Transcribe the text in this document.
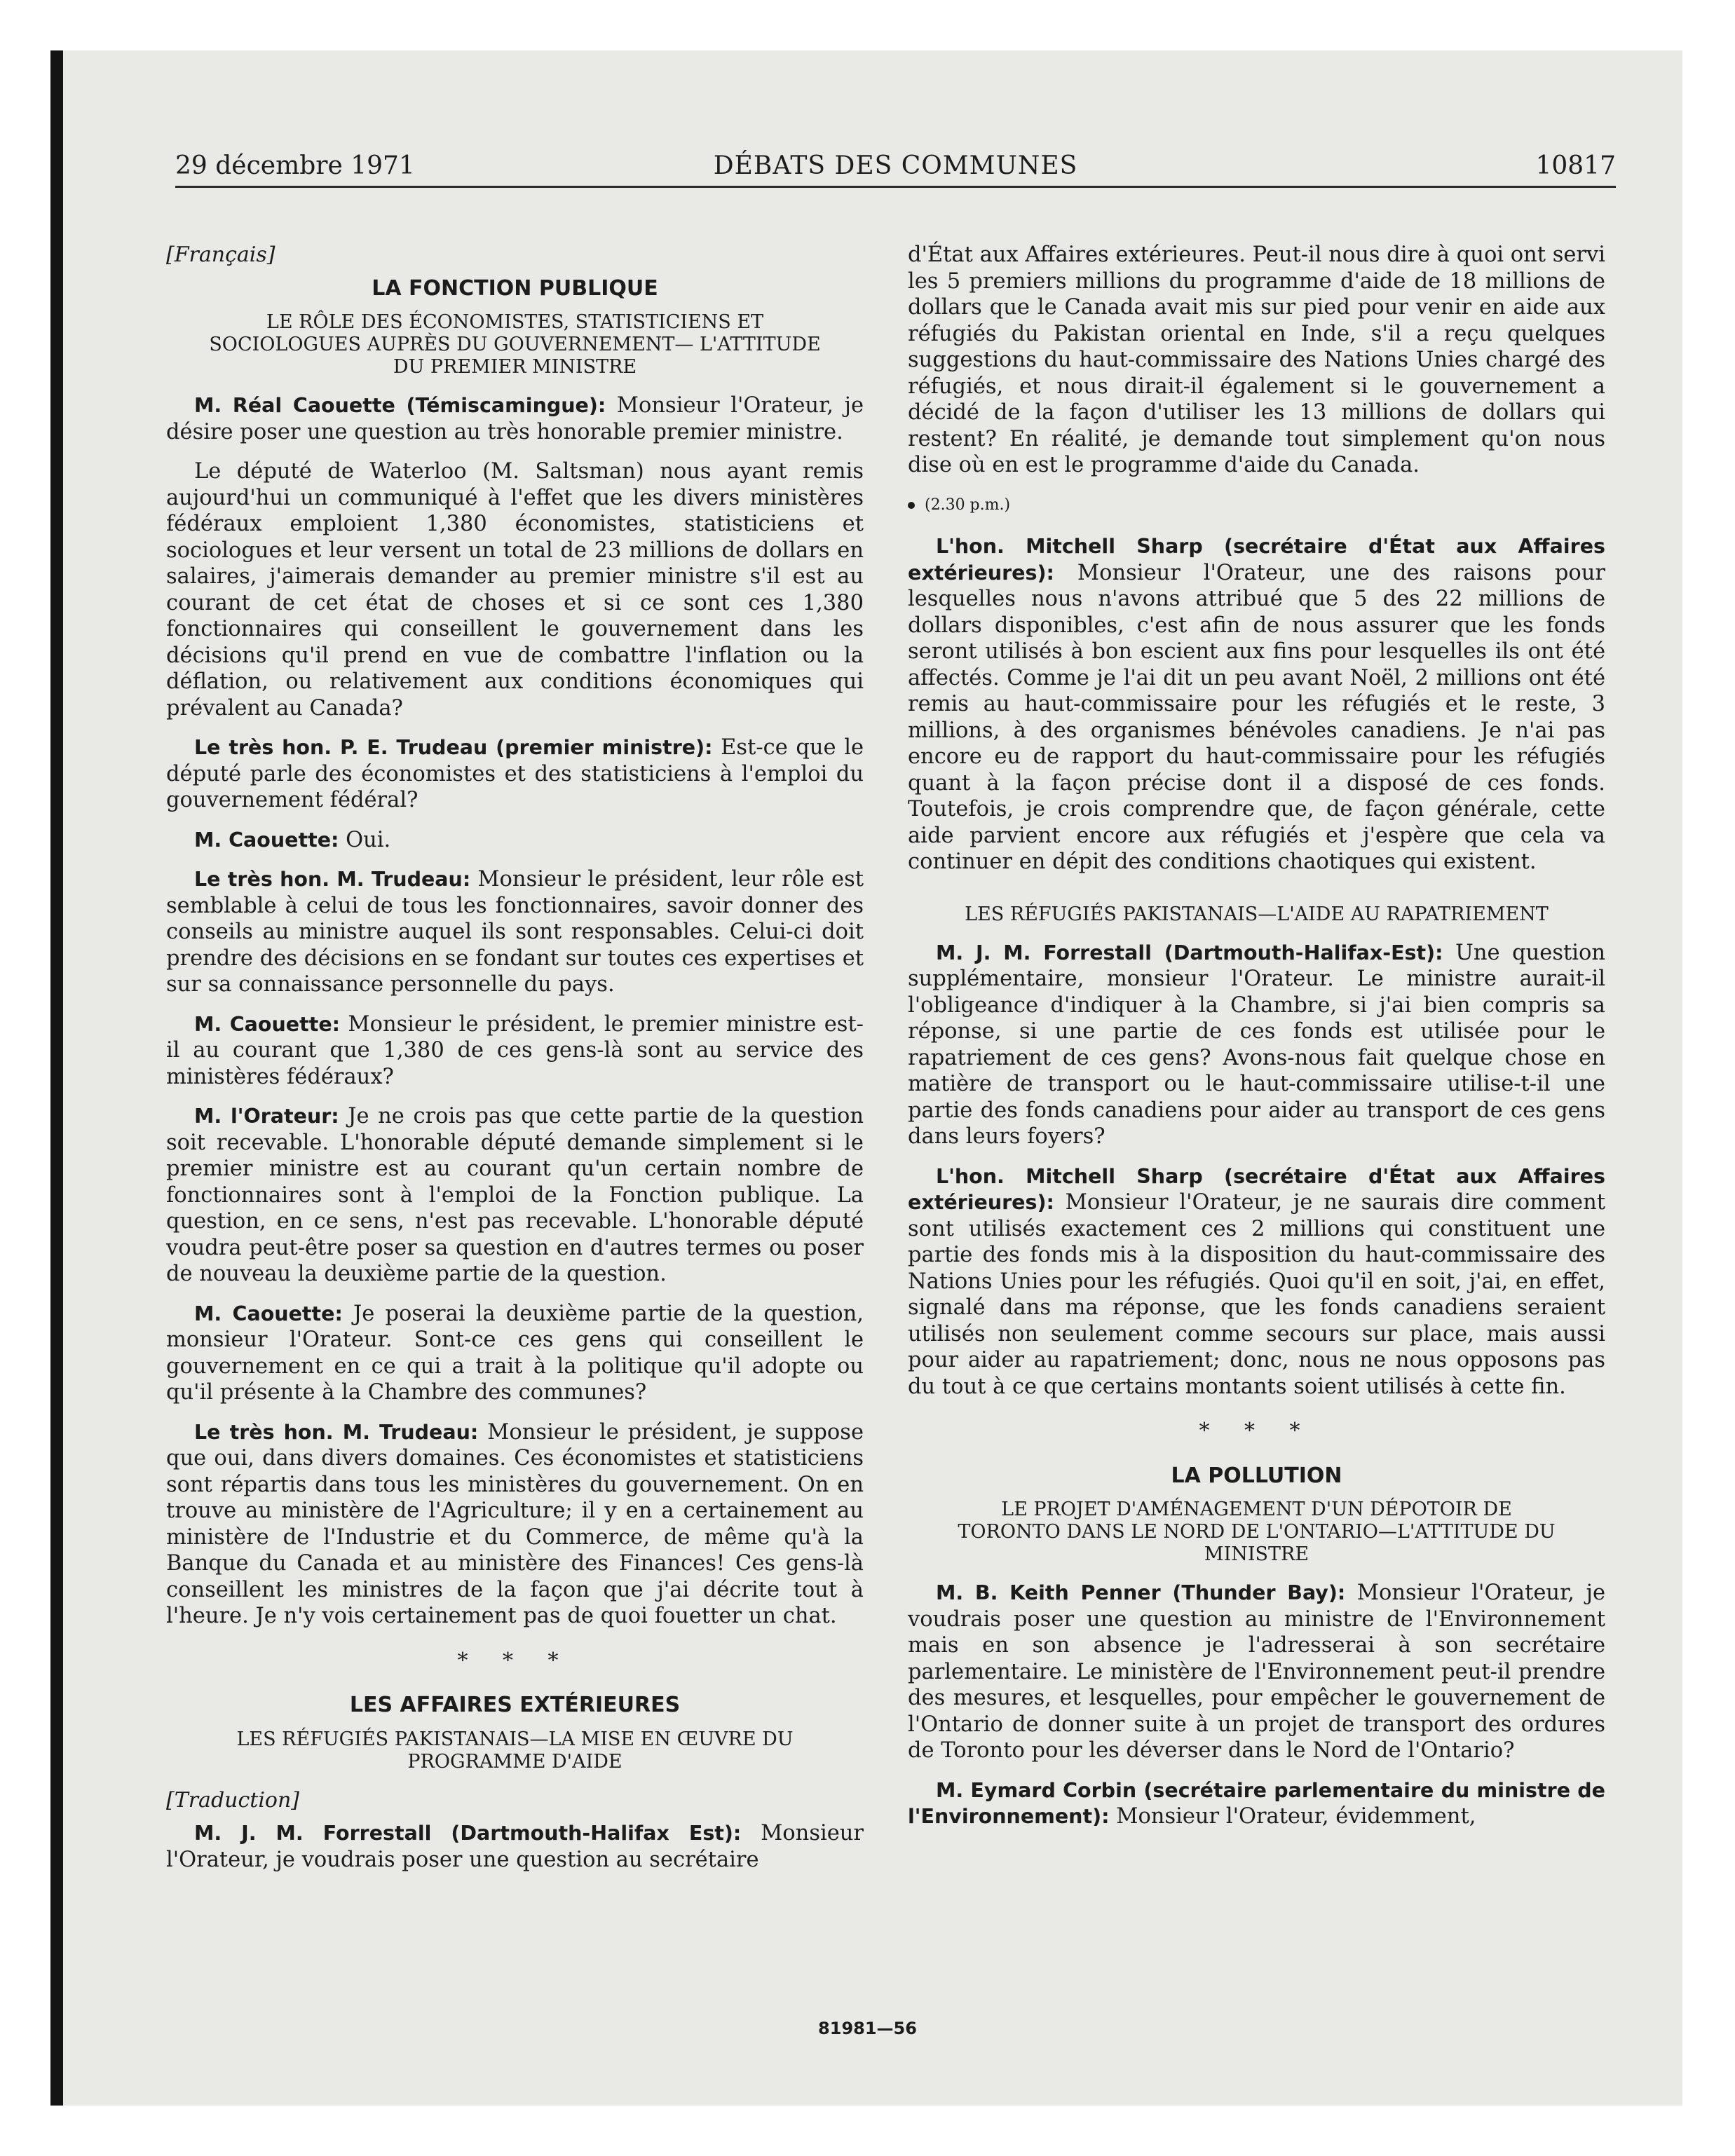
29 décembre 1971	DÉBATS DES COMMUNES	10817
[Français]
LA FONCTION PUBLIQUE
LE RÔLE DES ÉCONOMISTES, STATISTICIENS ET SOCIOLOGUES AUPRÈS DU GOUVERNEMENT— L'ATTITUDE DU PREMIER MINISTRE

M. Réal Caouette (Témiscamingue): Monsieur l'Orateur, je désire poser une question au très honorable premier ministre.

Le député de Waterloo (M. Saltsman) nous ayant remis aujourd'hui un communiqué à l'effet que les divers ministères fédéraux emploient 1,380 économistes, statisticiens et sociologues et leur versent un total de 23 millions de dollars en salaires, j'aimerais demander au premier ministre s'il est au courant de cet état de choses et si ce sont ces 1,380 fonctionnaires qui conseillent le gouvernement dans les décisions qu'il prend en vue de combattre l'inflation ou la déflation, ou relativement aux conditions économiques qui prévalent au Canada?

Le très hon. P. E. Trudeau (premier ministre): Est-ce que le député parle des économistes et des statisticiens à l'emploi du gouvernement fédéral?

M. Caouette: Oui.

Le très hon. M. Trudeau: Monsieur le président, leur rôle est semblable à celui de tous les fonctionnaires, savoir donner des conseils au ministre auquel ils sont responsables. Celui-ci doit prendre des décisions en se fondant sur toutes ces expertises et sur sa connaissance personnelle du pays.

M. Caouette: Monsieur le président, le premier ministre est-il au courant que 1,380 de ces gens-là sont au service des ministères fédéraux?

M. l'Orateur: Je ne crois pas que cette partie de la question soit recevable. L'honorable député demande simplement si le premier ministre est au courant qu'un certain nombre de fonctionnaires sont à l'emploi de la Fonction publique. La question, en ce sens, n'est pas recevable. L'honorable député voudra peut-être poser sa question en d'autres termes ou poser de nouveau la deuxième partie de la question.

M. Caouette: Je poserai la deuxième partie de la question, monsieur l'Orateur. Sont-ce ces gens qui conseillent le gouvernement en ce qui a trait à la politique qu'il adopte ou qu'il présente à la Chambre des communes?

Le très hon. M. Trudeau: Monsieur le président, je suppose que oui, dans divers domaines. Ces économistes et statisticiens sont répartis dans tous les ministères du gouvernement. On en trouve au ministère de l'Agriculture; il y en a certainement au ministère de l'Industrie et du Commerce, de même qu'à la Banque du Canada et au ministère des Finances! Ces gens-là conseillent les ministres de la façon que j'ai décrite tout à l'heure. Je n'y vois certainement pas de quoi fouetter un chat.

* * *
LES AFFAIRES EXTÉRIEURES
LES RÉFUGIÉS PAKISTANAIS—LA MISE EN ŒUVRE DU PROGRAMME D'AIDE
[Traduction]

M. J. M. Forrestall (Dartmouth-Halifax Est): Monsieur l'Orateur, je voudrais poser une question au secrétaire

d'État aux Affaires extérieures. Peut-il nous dire à quoi ont servi les 5 premiers millions du programme d'aide de 18 millions de dollars que le Canada avait mis sur pied pour venir en aide aux réfugiés du Pakistan oriental en Inde, s'il a reçu quelques suggestions du haut-commissaire des Nations Unies chargé des réfugiés, et nous dirait-il également si le gouvernement a décidé de la façon d'utiliser les 13 millions de dollars qui restent? En réalité, je demande tout simplement qu'on nous dise où en est le programme d'aide du Canada.

(2.30 p.m.)

L'hon. Mitchell Sharp (secrétaire d'État aux Affaires extérieures): Monsieur l'Orateur, une des raisons pour lesquelles nous n'avons attribué que 5 des 22 millions de dollars disponibles, c'est afin de nous assurer que les fonds seront utilisés à bon escient aux fins pour lesquelles ils ont été affectés. Comme je l'ai dit un peu avant Noël, 2 millions ont été remis au haut-commissaire pour les réfugiés et le reste, 3 millions, à des organismes bénévoles canadiens. Je n'ai pas encore eu de rapport du haut-commissaire pour les réfugiés quant à la façon précise dont il a disposé de ces fonds. Toutefois, je crois comprendre que, de façon générale, cette aide parvient encore aux réfugiés et j'espère que cela va continuer en dépit des conditions chaotiques qui existent.

LES RÉFUGIÉS PAKISTANAIS—L'AIDE AU RAPATRIEMENT

M. J. M. Forrestall (Dartmouth-Halifax-Est): Une question supplémentaire, monsieur l'Orateur. Le ministre aurait-il l'obligeance d'indiquer à la Chambre, si j'ai bien compris sa réponse, si une partie de ces fonds est utilisée pour le rapatriement de ces gens? Avons-nous fait quelque chose en matière de transport ou le haut-commissaire utilise-t-il une partie des fonds canadiens pour aider au transport de ces gens dans leurs foyers?

L'hon. Mitchell Sharp (secrétaire d'État aux Affaires extérieures): Monsieur l'Orateur, je ne saurais dire comment sont utilisés exactement ces 2 millions qui constituent une partie des fonds mis à la disposition du haut-commissaire des Nations Unies pour les réfugiés. Quoi qu'il en soit, j'ai, en effet, signalé dans ma réponse, que les fonds canadiens seraient utilisés non seulement comme secours sur place, mais aussi pour aider au rapatriement; donc, nous ne nous opposons pas du tout à ce que certains montants soient utilisés à cette fin.

* * *
LA POLLUTION
LE PROJET D'AMÉNAGEMENT D'UN DÉPOTOIR DE TORONTO DANS LE NORD DE L'ONTARIO—L'ATTITUDE DU MINISTRE

M. B. Keith Penner (Thunder Bay): Monsieur l'Orateur, je voudrais poser une question au ministre de l'Environnement mais en son absence je l'adresserai à son secrétaire parlementaire. Le ministère de l'Environnement peut-il prendre des mesures, et lesquelles, pour empêcher le gouvernement de l'Ontario de donner suite à un projet de transport des ordures de Toronto pour les déverser dans le Nord de l'Ontario?

M. Eymard Corbin (secrétaire parlementaire du ministre de l'Environnement): Monsieur l'Orateur, évidemment,

81981—56
